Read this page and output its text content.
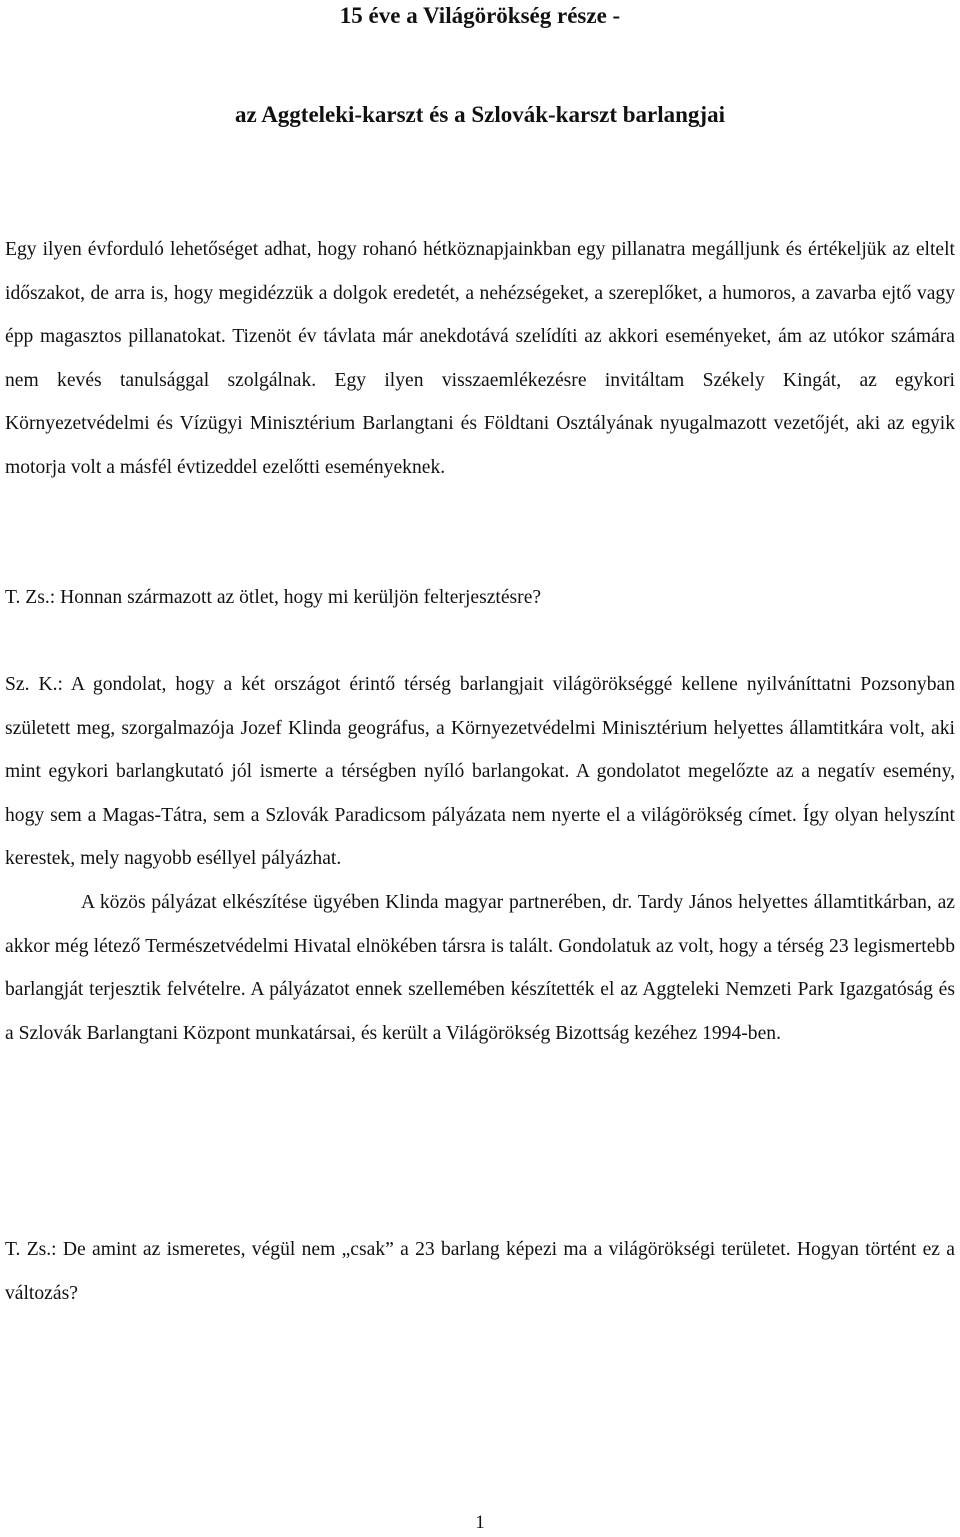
15 éve a Világörökség része -
az Aggteleki-karszt és a Szlovák-karszt barlangjai

Egy ilyen évforduló lehetőséget adhat, hogy rohanó hétköznapjainkban egy pillanatra megálljunk és értékeljük az eltelt időszakot, de arra is, hogy megidézzük a dolgok eredetét, a nehézségeket, a szereplőket, a humoros, a zavarba ejtő vagy épp magasztos pillanatokat. Tizenöt év távlata már anekdotává szelídíti az akkori eseményeket, ám az utókor számára nem kevés tanulsággal szolgálnak. Egy ilyen visszaemlékezésre invitáltam Székely Kingát, az egykori Környezetvédelmi és Vízügyi Minisztérium Barlangtani és Földtani Osztályának nyugalmazott vezetőjét, aki az egyik motorja volt a másfél évtizeddel ezelőtti eseményeknek.

T. Zs.: Honnan származott az ötlet, hogy mi kerüljön felterjesztésre?

Sz. K.: A gondolat, hogy a két országot érintő térség barlangjait világörökséggé kellene nyilváníttatni Pozsonyban született meg, szorgalmazója Jozef Klinda geográfus, a Környezetvédelmi Minisztérium helyettes államtitkára volt, aki mint egykori barlangkutató jól ismerte a térségben nyíló barlangokat. A gondolatot megelőzte az a negatív esemény, hogy sem a Magas-Tátra, sem a Szlovák Paradicsom pályázata nem nyerte el a világörökség címet. Így olyan helyszínt kerestek, mely nagyobb eséllyel pályázhat.

A közös pályázat elkészítése ügyében Klinda magyar partnerében, dr. Tardy János helyettes államtitkárban, az akkor még létező Természetvédelmi Hivatal elnökében társra is talált. Gondolatuk az volt, hogy a térség 23 legismertebb barlangját terjesztik felvételre. A pályázatot ennek szellemében készítették el az Aggteleki Nemzeti Park Igazgatóság és a Szlovák Barlangtani Központ munkatársai, és került a Világörökség Bizottság kezéhez 1994-ben.

T. Zs.: De amint az ismeretes, végül nem „csak” a 23 barlang képezi ma a világörökségi területet. Hogyan történt ez a változás?

1
